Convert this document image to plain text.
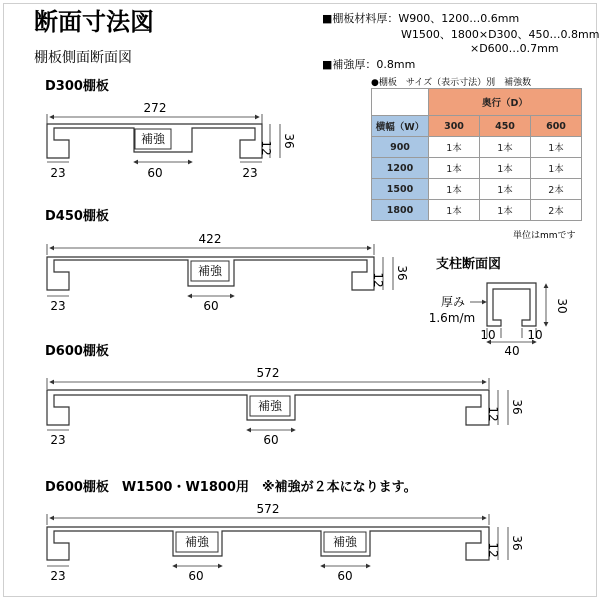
断面寸法図
棚板側面断面図
■棚板材料厚：W900、1200…0.6mm
W1500、1800×D300、450…0.8mm
×D600…0.7mm
■補強厚：0.8mm
●棚板　サイズ（表示寸法）別　補強数
単位はmmです
D300棚板
272
補強	36
12
23	60	23
D450棚板
422
補強	36
12
23	60
支柱断面図
30
厚み
1.6m/m
10	10
40
D600棚板
572
補強	36
12
23	60
D600棚板　W1500・W1800用　※補強が２本になります。
572
補強	補強	36
12
23	60	60
	奥行（D）		
横幅（W）	300	450	600
900	1本	1本	1本
1200	1本	1本	1本
1500	1本	1本	2本
1800	1本	1本	2本
